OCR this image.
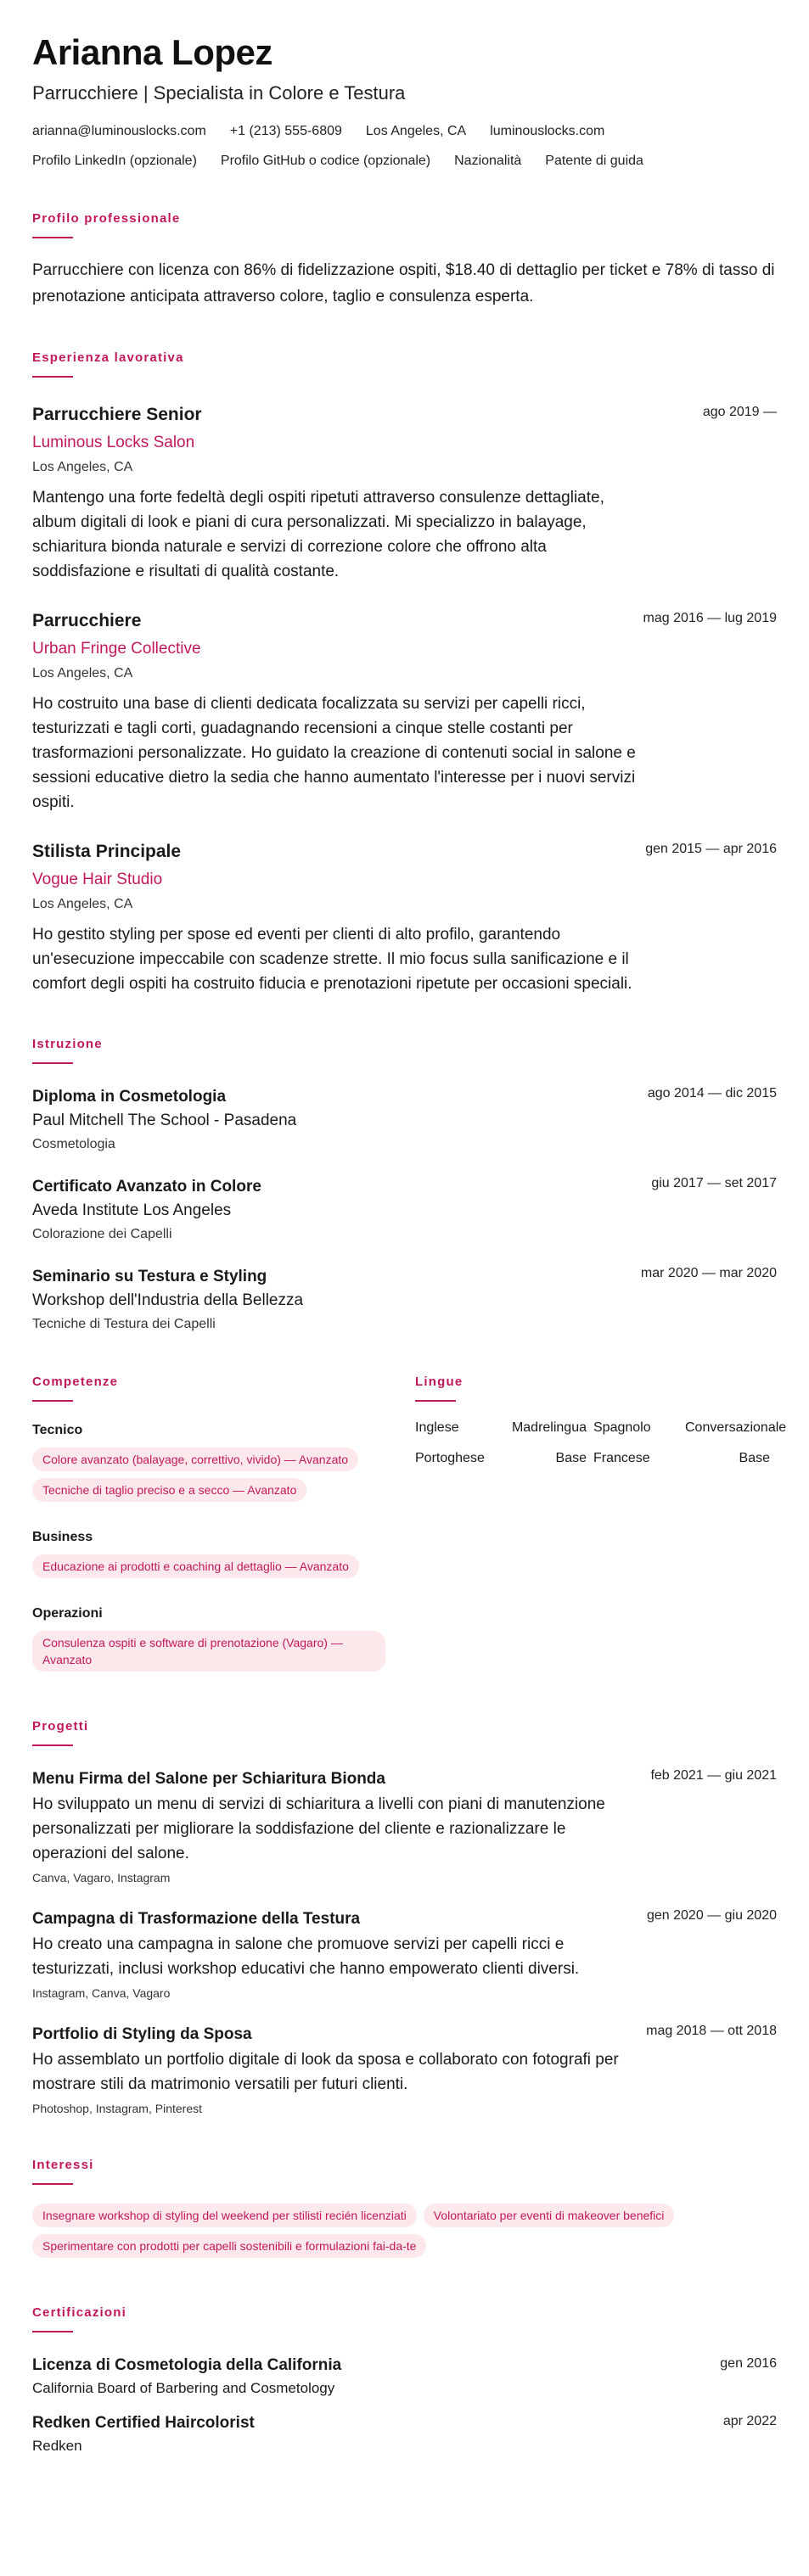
Arianna Lopez
Parrucchiere | Specialista in Colore e Testura
arianna@luminouslocks.com +1 (213) 555-6809 Los Angeles, CA luminouslocks.com
Profilo LinkedIn (opzionale) Profilo GitHub o codice (opzionale) Nazionalità Patente di guida
Profilo professionale
Parrucchiere con licenza con 86% di fidelizzazione ospiti, $18.40 di dettaglio per ticket e 78% di tasso di prenotazione anticipata attraverso colore, taglio e consulenza esperta.
Esperienza lavorativa
Parrucchiere Senior	ago 2019 —
Luminous Locks Salon
Los Angeles, CA
Mantengo una forte fedeltà degli ospiti ripetuti attraverso consulenze dettagliate, album digitali di look e piani di cura personalizzati. Mi specializzo in balayage, schiaritura bionda naturale e servizi di correzione colore che offrono alta soddisfazione e risultati di qualità costante.
Parrucchiere	mag 2016 — lug 2019
Urban Fringe Collective
Los Angeles, CA
Ho costruito una base di clienti dedicata focalizzata su servizi per capelli ricci, testurizzati e tagli corti, guadagnando recensioni a cinque stelle costanti per trasformazioni personalizzate. Ho guidato la creazione di contenuti social in salone e sessioni educative dietro la sedia che hanno aumentato l'interesse per i nuovi servizi ospiti.
Stilista Principale	gen 2015 — apr 2016
Vogue Hair Studio
Los Angeles, CA
Ho gestito styling per spose ed eventi per clienti di alto profilo, garantendo un'esecuzione impeccabile con scadenze strette. Il mio focus sulla sanificazione e il comfort degli ospiti ha costruito fiducia e prenotazioni ripetute per occasioni speciali.
Istruzione
Diploma in Cosmetologia	ago 2014 — dic 2015
Paul Mitchell The School - Pasadena
Cosmetologia
Certificato Avanzato in Colore	giu 2017 — set 2017
Aveda Institute Los Angeles
Colorazione dei Capelli
Seminario su Testura e Styling	mar 2020 — mar 2020
Workshop dell'Industria della Bellezza
Tecniche di Testura dei Capelli
Competenze
Tecnico
Colore avanzato (balayage, correttivo, vivido) — Avanzato
Tecniche di taglio preciso e a secco — Avanzato
Business
Educazione ai prodotti e coaching al dettaglio — Avanzato
Operazioni
Consulenza ospiti e software di prenotazione (Vagaro) — Avanzato
Lingue
Inglese	Madrelingua Spagnolo	Conversazionale
Portoghese	Base Francese	Base
Progetti
Menu Firma del Salone per Schiaritura Bionda	feb 2021 — giu 2021
Ho sviluppato un menu di servizi di schiaritura a livelli con piani di manutenzione personalizzati per migliorare la soddisfazione del cliente e razionalizzare le operazioni del salone.
Canva, Vagaro, Instagram
Campagna di Trasformazione della Testura	gen 2020 — giu 2020
Ho creato una campagna in salone che promuove servizi per capelli ricci e testurizzati, inclusi workshop educativi che hanno empowerato clienti diversi.
Instagram, Canva, Vagaro
Portfolio di Styling da Sposa	mag 2018 — ott 2018
Ho assemblato un portfolio digitale di look da sposa e collaborato con fotografi per mostrare stili da matrimonio versatili per futuri clienti.
Photoshop, Instagram, Pinterest
Interessi
Insegnare workshop di styling del weekend per stilisti recién licenziati	Volontariato per eventi di makeover benefici
Sperimentare con prodotti per capelli sostenibili e formulazioni fai-da-te
Certificazioni
Licenza di Cosmetologia della California	gen 2016
California Board of Barbering and Cosmetology
Redken Certified Haircolorist	apr 2022
Redken
